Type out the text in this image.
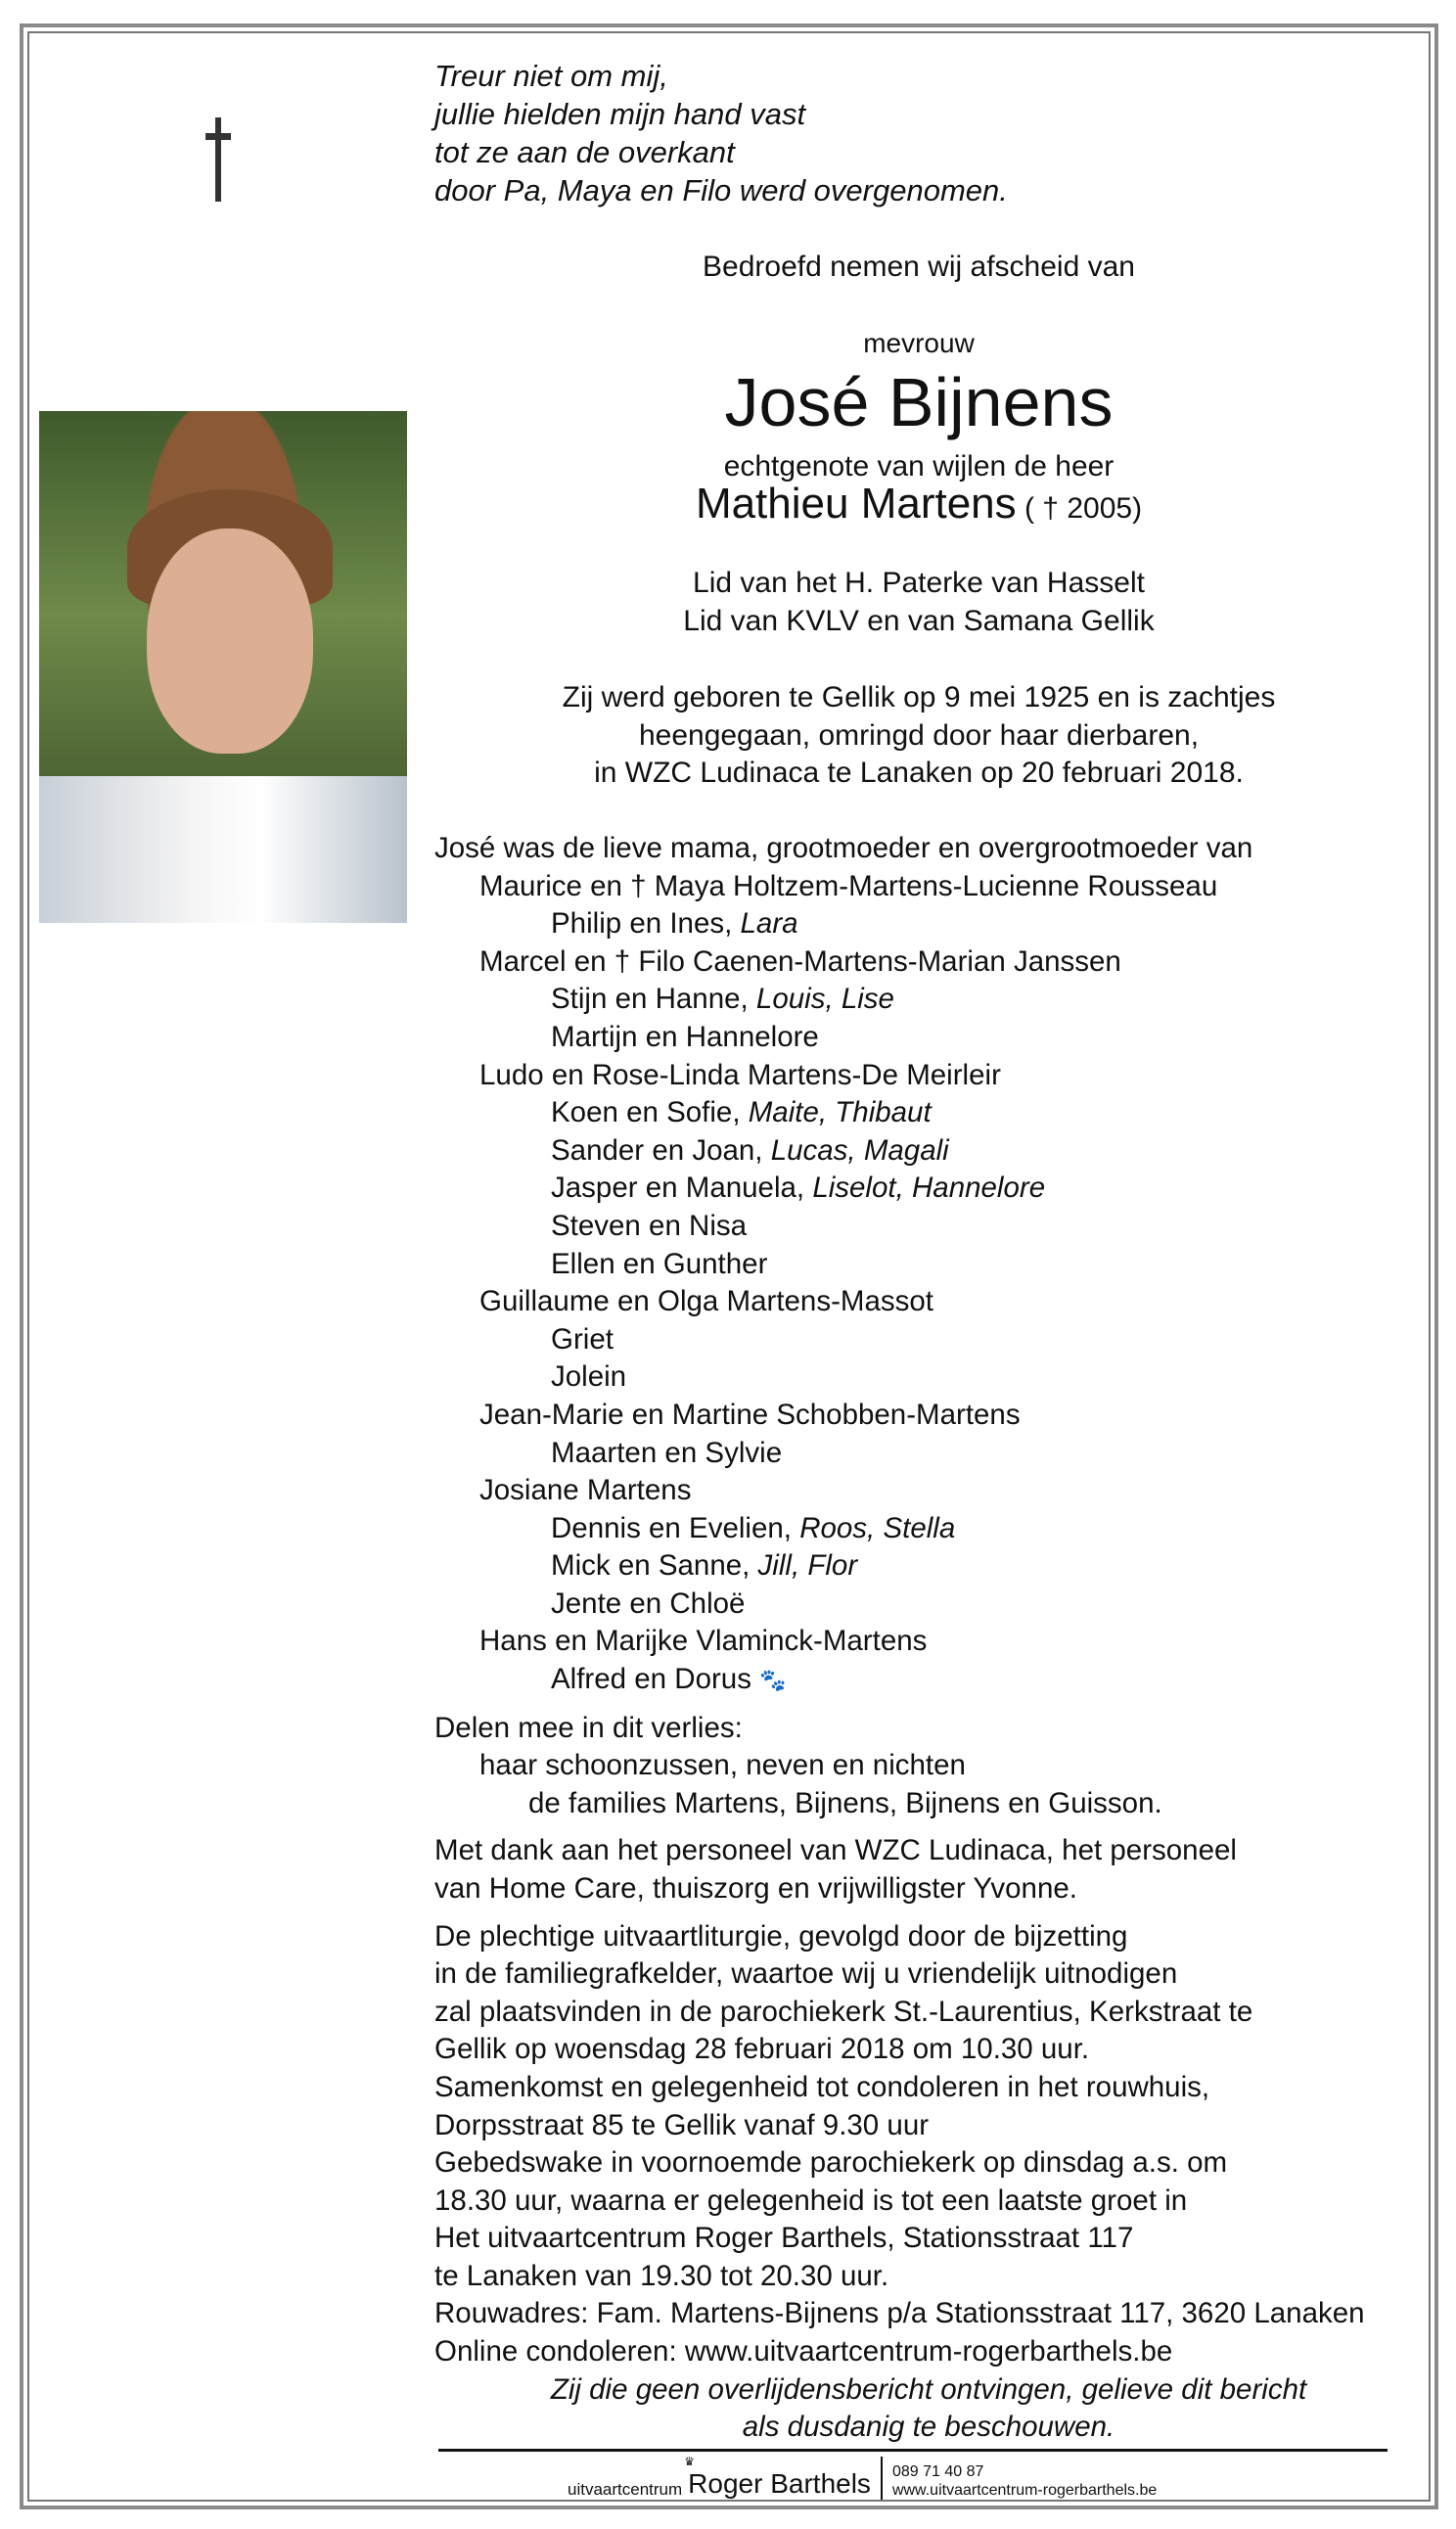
Treur niet om mij,
jullie hielden mijn hand vast
tot ze aan de overkant
door Pa, Maya en Filo werd overgenomen.
Bedroefd nemen wij afscheid van
mevrouw
José Bijnens
echtgenote van wijlen de heer
Mathieu Martens ( † 2005)
Lid van het H. Paterke van Hasselt
Lid van KVLV en van Samana Gellik
Zij werd geboren te Gellik op 9 mei 1925 en is zachtjes
heengegaan, omringd door haar dierbaren,
in WZC Ludinaca te Lanaken op 20 februari 2018.
José was de lieve mama, grootmoeder en overgrootmoeder van
Maurice en † Maya Holtzem-Martens-Lucienne Rousseau
Philip en Ines, Lara
Marcel en † Filo Caenen-Martens-Marian Janssen
Stijn en Hanne, Louis, Lise
Martijn en Hannelore
Ludo en Rose-Linda Martens-De Meirleir
Koen en Sofie, Maite, Thibaut
Sander en Joan, Lucas, Magali
Jasper en Manuela, Liselot, Hannelore
Steven en Nisa
Ellen en Gunther
Guillaume en Olga Martens-Massot
Griet
Jolein
Jean-Marie en Martine Schobben-Martens
Maarten en Sylvie
Josiane Martens
Dennis en Evelien, Roos, Stella
Mick en Sanne, Jill, Flor
Jente en Chloë
Hans en Marijke Vlaminck-Martens
Alfred en Dorus 🐾
Delen mee in dit verlies:
haar schoonzussen, neven en nichten
de families Martens, Bijnens, Bijnens en Guisson.
Met dank aan het personeel van WZC Ludinaca, het personeel
van Home Care, thuiszorg en vrijwilligster Yvonne.
De plechtige uitvaartliturgie, gevolgd door de bijzetting
in de familiegrafkelder, waartoe wij u vriendelijk uitnodigen
zal plaatsvinden in de parochiekerk St.-Laurentius, Kerkstraat te
Gellik op woensdag 28 februari 2018 om 10.30 uur.
Samenkomst en gelegenheid tot condoleren in het rouwhuis,
Dorpsstraat 85 te Gellik vanaf 9.30 uur
Gebedswake in voornoemde parochiekerk op dinsdag a.s. om
18.30 uur, waarna er gelegenheid is tot een laatste groet in
Het uitvaartcentrum Roger Barthels, Stationsstraat 117
te Lanaken van 19.30 tot 20.30 uur.
Rouwadres: Fam. Martens-Bijnens p/a Stationsstraat 117, 3620 Lanaken
Online condoleren: www.uitvaartcentrum-rogerbarthels.be
Zij die geen overlijdensbericht ontvingen, gelieve dit bericht
als dusdanig te beschouwen.
uitvaartcentrum
♛
Roger Barthels 089 71 40 87
www.uitvaartcentrum-rogerbarthels.be
